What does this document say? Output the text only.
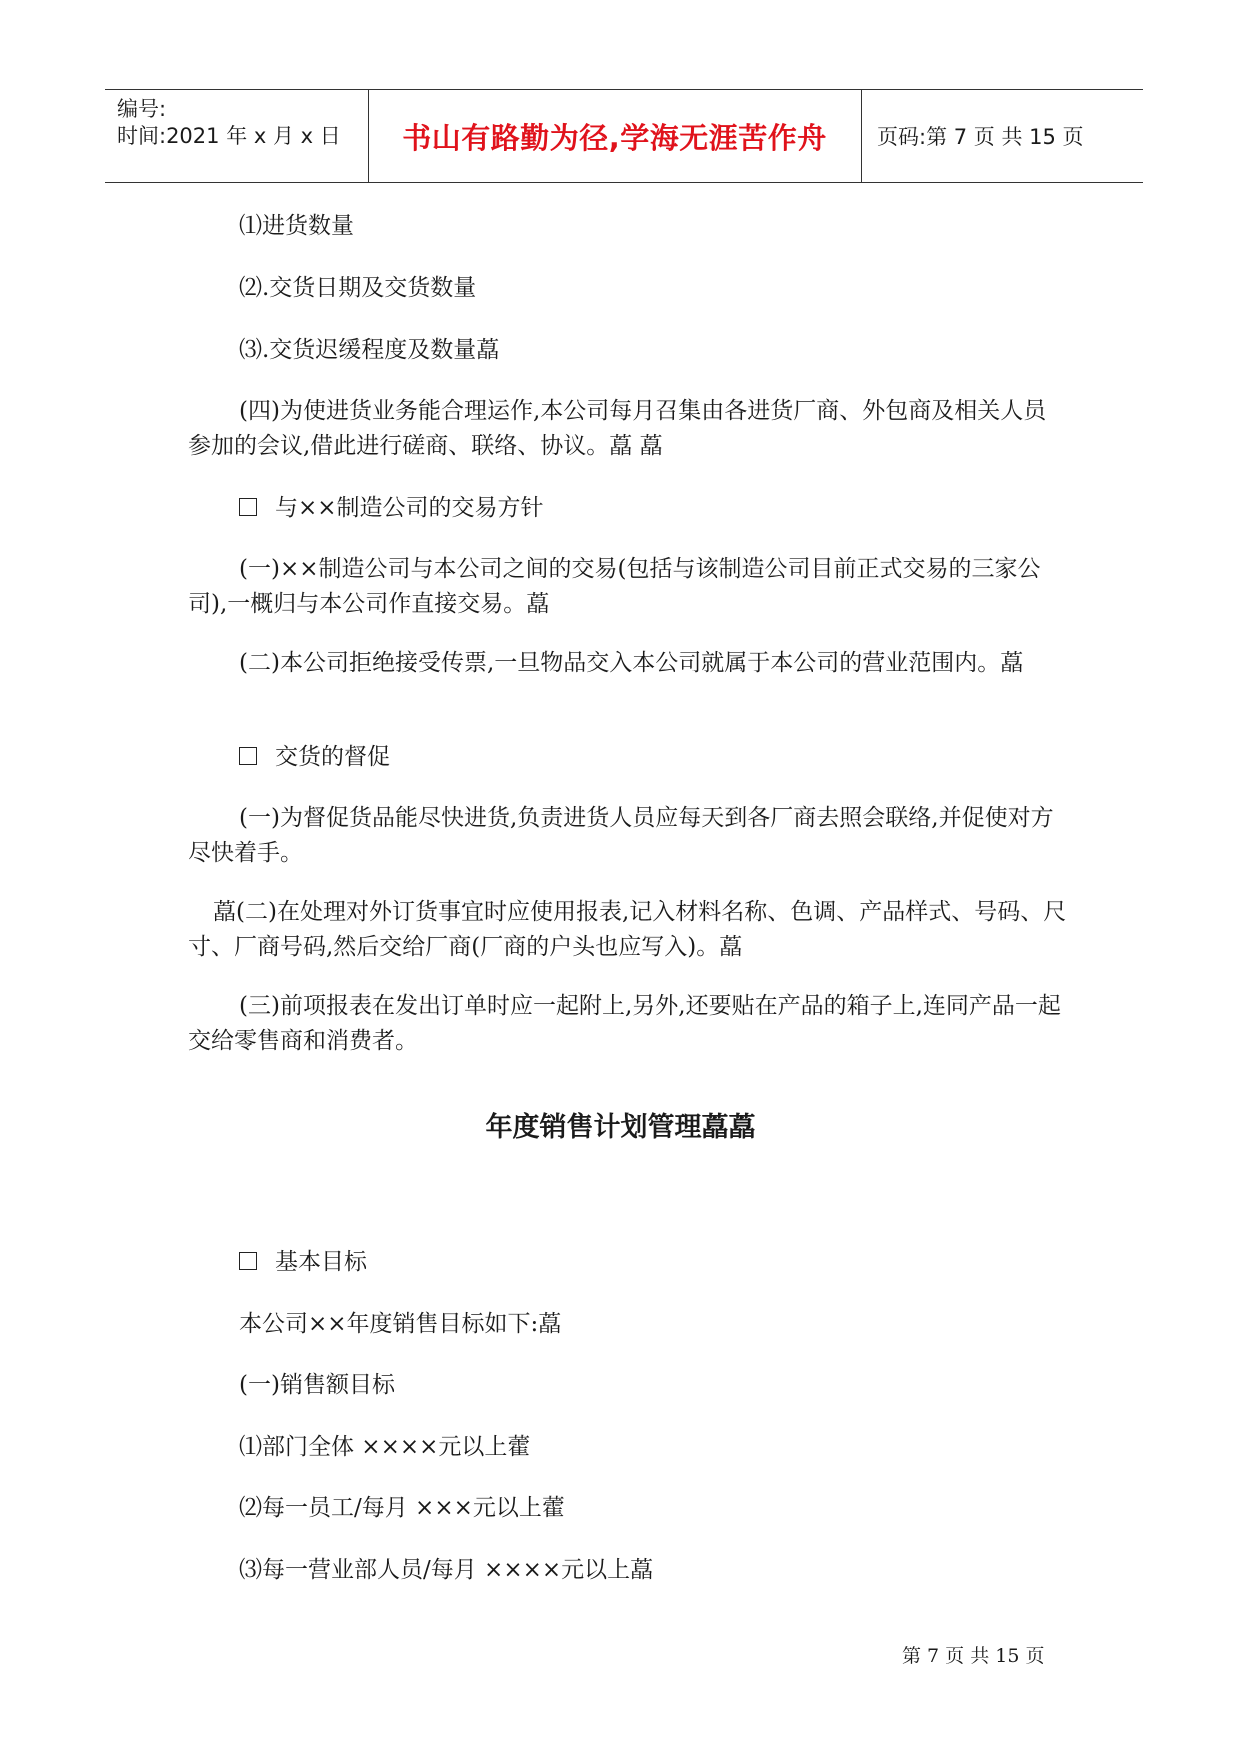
编号:
时间:2021 年 x 月 x 日 书山有路勤为径,学海无涯苦作舟 页码:第 7 页 共 15 页

⑴进货数量

⑵.交货日期及交货数量

⑶.交货迟缓程度及数量藠

(四)为使进货业务能合理运作,本公司每月召集由各进货厂商、外包商及相关人员参加的会议,借此进行磋商、联络、协议。藠 藠

与××制造公司的交易方针

(一)××制造公司与本公司之间的交易(包括与该制造公司目前正式交易的三家公司),一概归与本公司作直接交易。藠

(二)本公司拒绝接受传票,一旦物品交入本公司就属于本公司的营业范围内。藠

交货的督促

(一)为督促货品能尽快进货,负责进货人员应每天到各厂商去照会联络,并促使对方尽快着手。

藠(二)在处理对外订货事宜时应使用报表,记入材料名称、色调、产品样式、号码、尺寸、厂商号码,然后交给厂商(厂商的户头也应写入)。藠

(三)前项报表在发出订单时应一起附上,另外,还要贴在产品的箱子上,连同产品一起交给零售商和消费者。

年度销售计划管理藠藠
基本目标

本公司××年度销售目标如下:藠

(一)销售额目标

⑴部门全体 ××××元以上藿

⑵每一员工/每月 ×××元以上藿

⑶每一营业部人员/每月 ××××元以上藠

第 7 页 共 15 页
